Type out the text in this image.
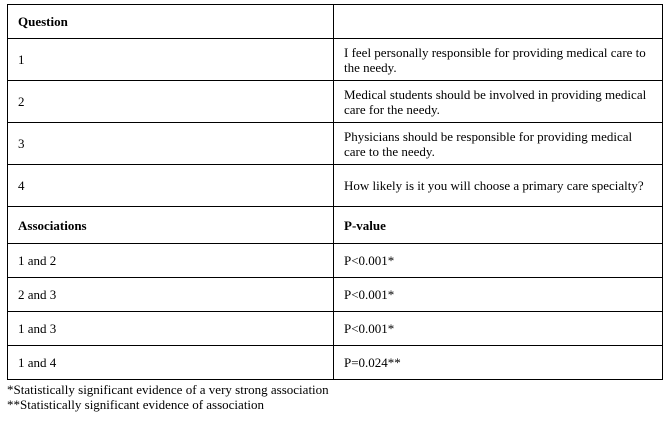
Question	
1	I feel personally responsible for providing medical care to the needy.
2	Medical students should be involved in providing medical care for the needy.
3	Physicians should be responsible for providing medical care to the needy.
4	How likely is it you will choose a primary care specialty?
Associations	P-value
1 and 2	P<0.001*
2 and 3	P<0.001*
1 and 3	P<0.001*
1 and 4	P=0.024**
*Statistically significant evidence of a very strong association
**Statistically significant evidence of association
